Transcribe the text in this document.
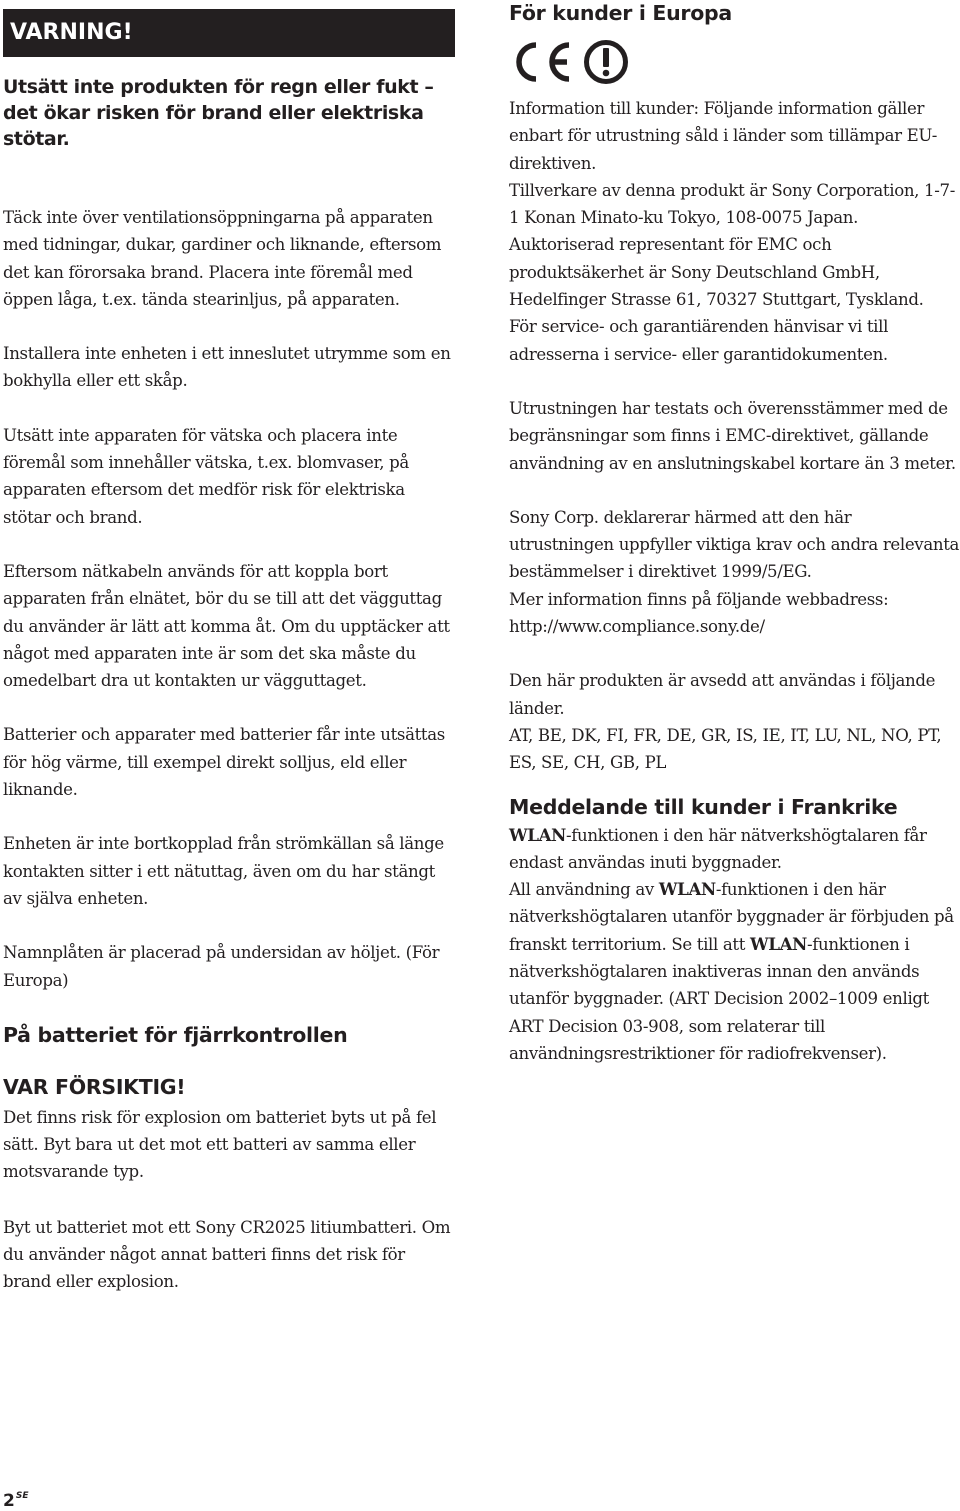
VARNING!

Utsätt inte produkten för regn eller fukt – det ökar risken för brand eller elektriska stötar.

Täck inte över ventilationsöppningarna på apparaten med tidningar, dukar, gardiner och liknande, eftersom det kan förorsaka brand. Placera inte föremål med öppen låga, t.ex. tända stearinljus, på apparaten.

Installera inte enheten i ett inneslutet utrymme som en bokhylla eller ett skåp.

Utsätt inte apparaten för vätska och placera inte föremål som innehåller vätska, t.ex. blomvaser, på apparaten eftersom det medför risk för elektriska stötar och brand.

Eftersom nätkabeln används för att koppla bort apparaten från elnätet, bör du se till att det vägguttag du använder är lätt att komma åt. Om du upptäcker att något med apparaten inte är som det ska måste du omedelbart dra ut kontakten ur vägguttaget.

Batterier och apparater med batterier får inte utsättas för hög värme, till exempel direkt solljus, eld eller liknande.

Enheten är inte bortkopplad från strömkällan så länge kontakten sitter i ett nätuttag, även om du har stängt av själva enheten.

Namnplåten är placerad på undersidan av höljet. (För Europa)

På batteriet för fjärrkontrollen
VAR FÖRSIKTIG!

Det finns risk för explosion om batteriet byts ut på fel sätt. Byt bara ut det mot ett batteri av samma eller motsvarande typ.

Byt ut batteriet mot ett Sony CR2025 litiumbatteri. Om du använder något annat batteri finns det risk för brand eller explosion.

För kunder i Europa

Information till kunder: Följande information gäller enbart för utrustning såld i länder som tillämpar EU-direktiven.

Tillverkare av denna produkt är Sony Corporation, 1-7-1 Konan Minato-ku Tokyo, 108-0075 Japan.

Auktoriserad representant för EMC och produktsäkerhet är Sony Deutschland GmbH, Hedelfinger Strasse 61, 70327 Stuttgart, Tyskland.

För service- och garantiärenden hänvisar vi till adresserna i service- eller garantidokumenten.

Utrustningen har testats och överensstämmer med de begränsningar som finns i EMC-direktivet, gällande användning av en anslutningskabel kortare än 3 meter.

Sony Corp. deklarerar härmed att den här utrustningen uppfyller viktiga krav och andra relevanta bestämmelser i direktivet 1999/5/EG.

Mer information finns på följande webbadress:

http://www.compliance.sony.de/

Den här produkten är avsedd att användas i följande länder.

AT, BE, DK, FI, FR, DE, GR, IS, IE, IT, LU, NL, NO, PT, ES, SE, CH, GB, PL

Meddelande till kunder i Frankrike

WLAN-funktionen i den här nätverkshögtalaren får endast användas inuti byggnader.

All användning av WLAN-funktionen i den här nätverkshögtalaren utanför byggnader är förbjuden på franskt territorium. Se till att WLAN-funktionen i nätverkshögtalaren inaktiveras innan den används utanför byggnader. (ART Decision 2002–1009 enligt ART Decision 03-908, som relaterar till användningsrestriktioner för radiofrekvenser).

$2^{SE}$
